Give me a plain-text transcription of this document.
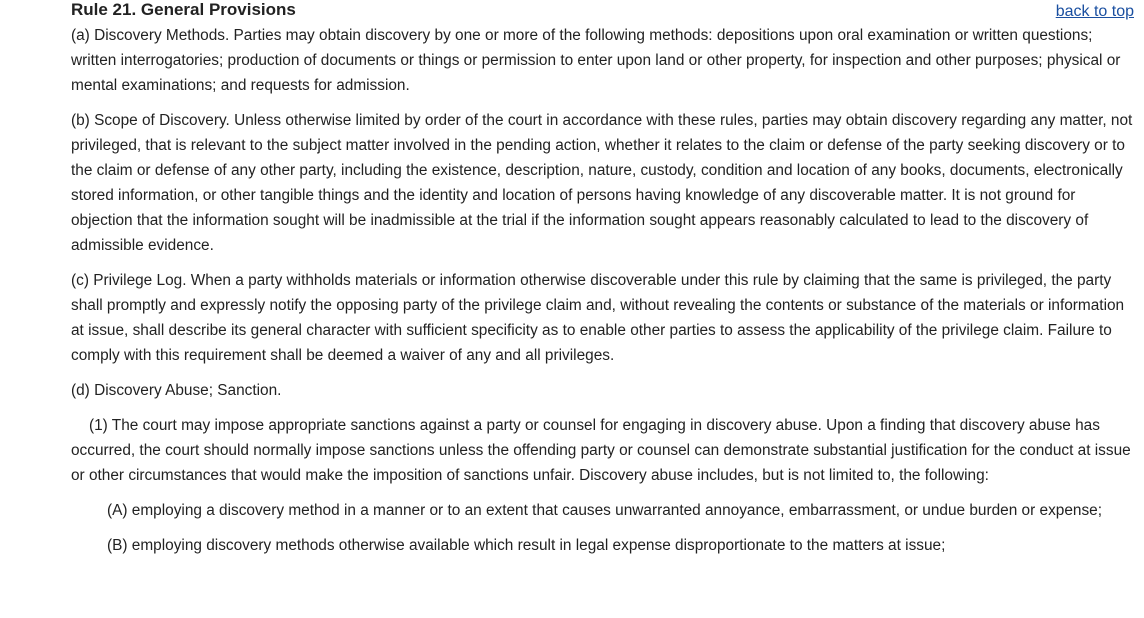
Rule 21. General Provisions	back to top

(a) Discovery Methods. Parties may obtain discovery by one or more of the following methods: depositions upon oral examination or written questions; written interrogatories; production of documents or things or permission to enter upon land or other property, for inspection and other purposes; physical or mental examinations; and requests for admission.

(b) Scope of Discovery. Unless otherwise limited by order of the court in accordance with these rules, parties may obtain discovery regarding any matter, not privileged, that is relevant to the subject matter involved in the pending action, whether it relates to the claim or defense of the party seeking discovery or to the claim or defense of any other party, including the existence, description, nature, custody, condition and location of any books, documents, electronically stored information, or other tangible things and the identity and location of persons having knowledge of any discoverable matter. It is not ground for objection that the information sought will be inadmissible at the trial if the information sought appears reasonably calculated to lead to the discovery of admissible evidence.

(c) Privilege Log. When a party withholds materials or information otherwise discoverable under this rule by claiming that the same is privileged, the party shall promptly and expressly notify the opposing party of the privilege claim and, without revealing the contents or substance of the materials or information at issue, shall describe its general character with sufficient specificity as to enable other parties to assess the applicability of the privilege claim. Failure to comply with this requirement shall be deemed a waiver of any and all privileges.

(d) Discovery Abuse; Sanction.

(1) The court may impose appropriate sanctions against a party or counsel for engaging in discovery abuse. Upon a finding that discovery abuse has occurred, the court should normally impose sanctions unless the offending party or counsel can demonstrate substantial justification for the conduct at issue or other circumstances that would make the imposition of sanctions unfair. Discovery abuse includes, but is not limited to, the following:

(A) employing a discovery method in a manner or to an extent that causes unwarranted annoyance, embarrassment, or undue burden or expense;

(B) employing discovery methods otherwise available which result in legal expense disproportionate to the matters at issue;
